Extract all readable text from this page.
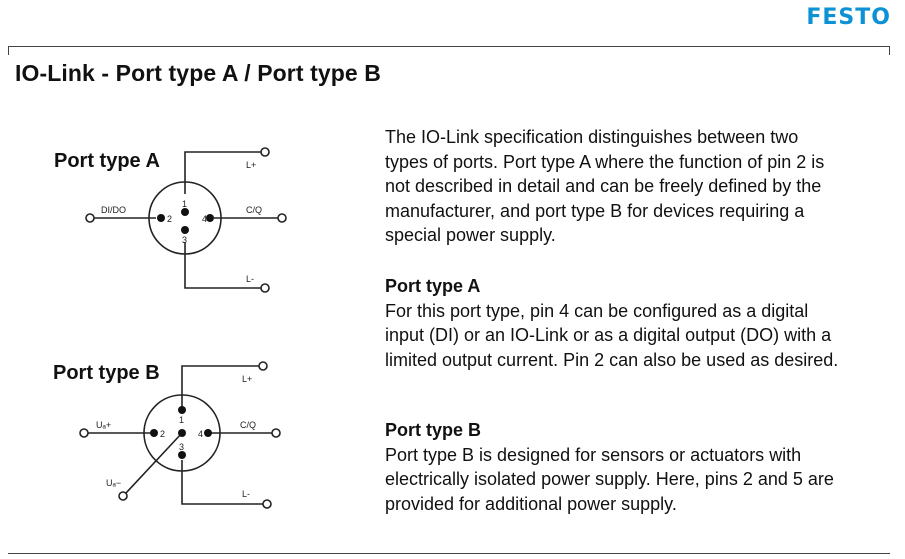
FESTO
IO-Link - Port type A / Port type B
Port type A
Port type B
1
2	4
3
L+
L-
DI/DO	C/Q
1
2	4
3
L+
L-
Uₐ+	C/Q
Uₐ−

The IO‑Link specification distinguishes between two types of ports. Port type A where the function of pin 2 is not described in detail and can be freely defined by the manufacturer, and port type B for devices requiring a special power supply.

Port type A

For this port type, pin 4 can be configured as a digital input (DI) or an IO‑Link or as a digital output (DO) with a limited output current. Pin 2 can also be used as desired.

Port type B

Port type B is designed for sensors or actuators with electrically isolated power supply. Here, pins 2 and 5 are provided for additional power supply.
